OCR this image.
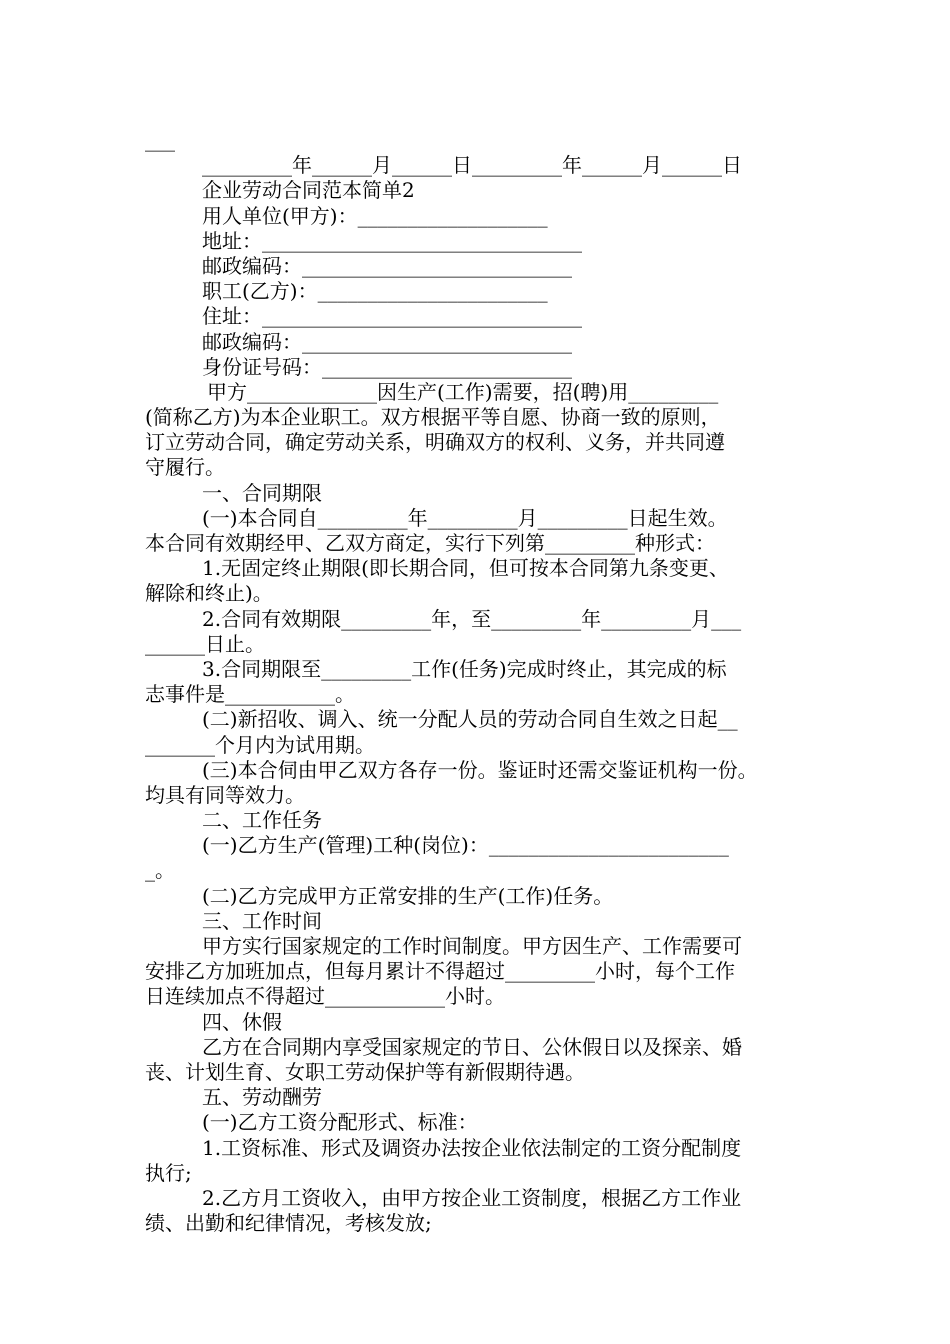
___
_________年______月______日_________年______月______日
企业劳动合同范本简单2
用人单位(甲方)：___________________
地址：________________________________
邮政编码：___________________________
职工(乙方)：_______________________
住址：________________________________
邮政编码：___________________________
身份证号码：_________________________
甲方_____________因生产(工作)需要，招(聘)用_________
(简称乙方)为本企业职工。双方根据平等自愿、协商一致的原则，
订立劳动合同，确定劳动关系，明确双方的权利、义务，并共同遵
守履行。
一、合同期限
(一)本合同自_________年_________月_________日起生效。
本合同有效期经甲、乙双方商定，实行下列第_________种形式：
1.无固定终止期限(即长期合同，但可按本合同第九条变更、
解除和终止)。
2.合同有效期限_________年，至_________年_________月___
______日止。
3.合同期限至_________工作(任务)完成时终止，其完成的标
志事件是___________。
(二)新招收、调入、统一分配人员的劳动合同自生效之日起__
_______个月内为试用期。
(三)本合伺由甲乙双方各存一份。鉴证时还需交鉴证机构一份。
均具有同等效力。
二、工作任务
(一)乙方生产(管理)工种(岗位)：________________________
_。
(二)乙方完成甲方正常安排的生产(工作)任务。
三、工作时间
甲方实行国家规定的工作时间制度。甲方因生产、工作需要可
安排乙方加班加点，但每月累计不得超过_________小时，每个工作
日连续加点不得超过____________小时。
四、休假
乙方在合同期内享受国家规定的节日、公休假日以及探亲、婚
丧、计划生育、女职工劳动保护等有新假期待遇。
五、劳动酬劳
(一)乙方工资分配形式、标准：
1.工资标准、形式及调资办法按企业依法制定的工资分配制度
执行;
2.乙方月工资收入，由甲方按企业工资制度，根据乙方工作业
绩、出勤和纪律情况，考核发放;
